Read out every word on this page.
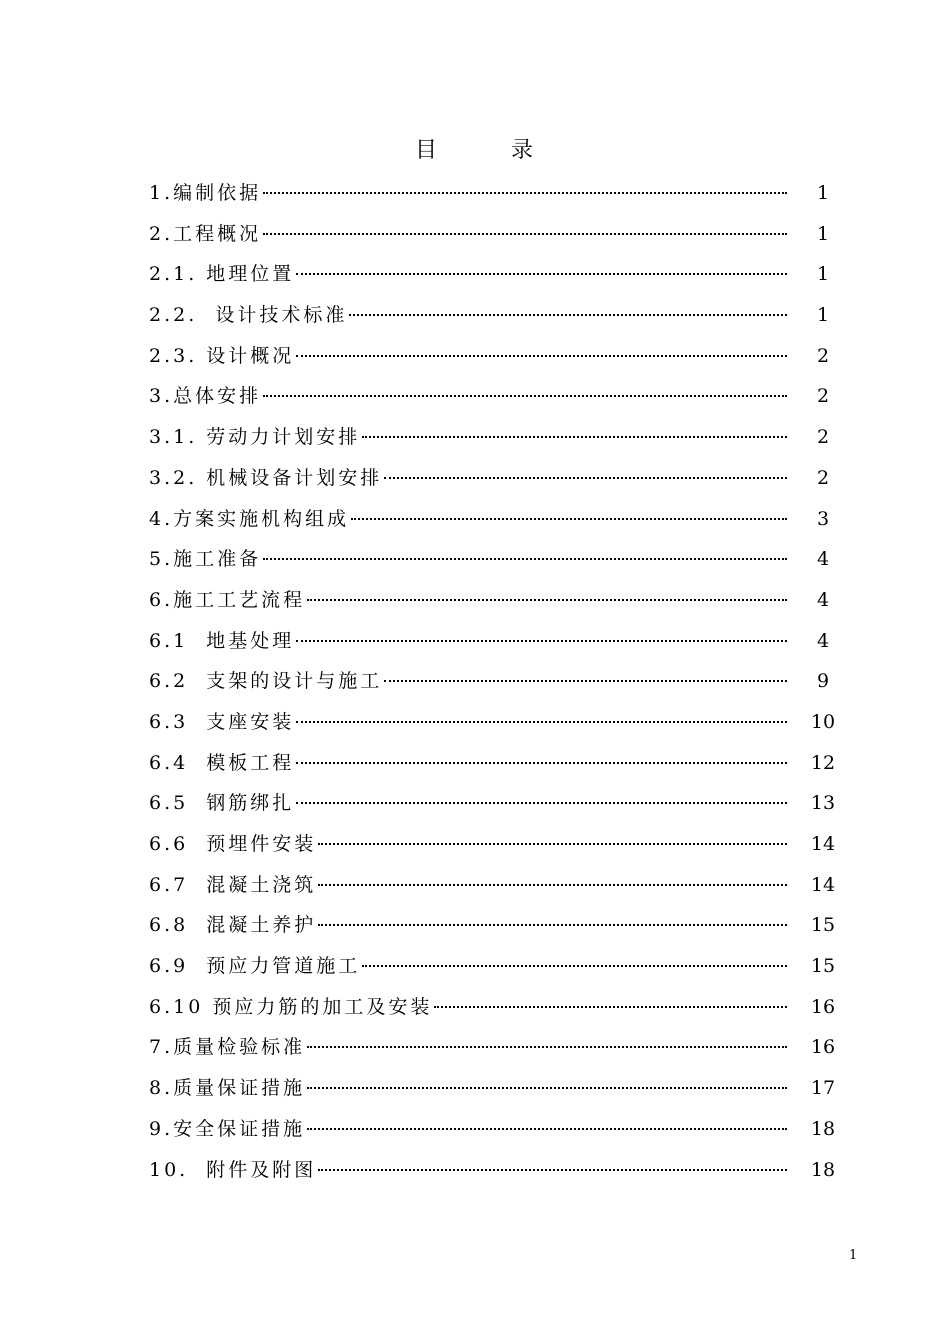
目	录
1.编制依据	1
2.工程概况	1
2.1. 地理位置	1
2.2.  设计技术标准	1
2.3. 设计概况	2
3.总体安排	2
3.1. 劳动力计划安排	2
3.2. 机械设备计划安排	2
4.方案实施机构组成	3
5.施工准备	4
6.施工工艺流程	4
6.1  地基处理	4
6.2  支架的设计与施工	9
6.3  支座安装	10
6.4  模板工程	12
6.5  钢筋绑扎	13
6.6  预埋件安装	14
6.7  混凝土浇筑	14
6.8  混凝土养护	15
6.9  预应力管道施工	15
6.10 预应力筋的加工及安装	16
7.质量检验标准	16
8.质量保证措施	17
9.安全保证措施	18
10.  附件及附图	18
1
